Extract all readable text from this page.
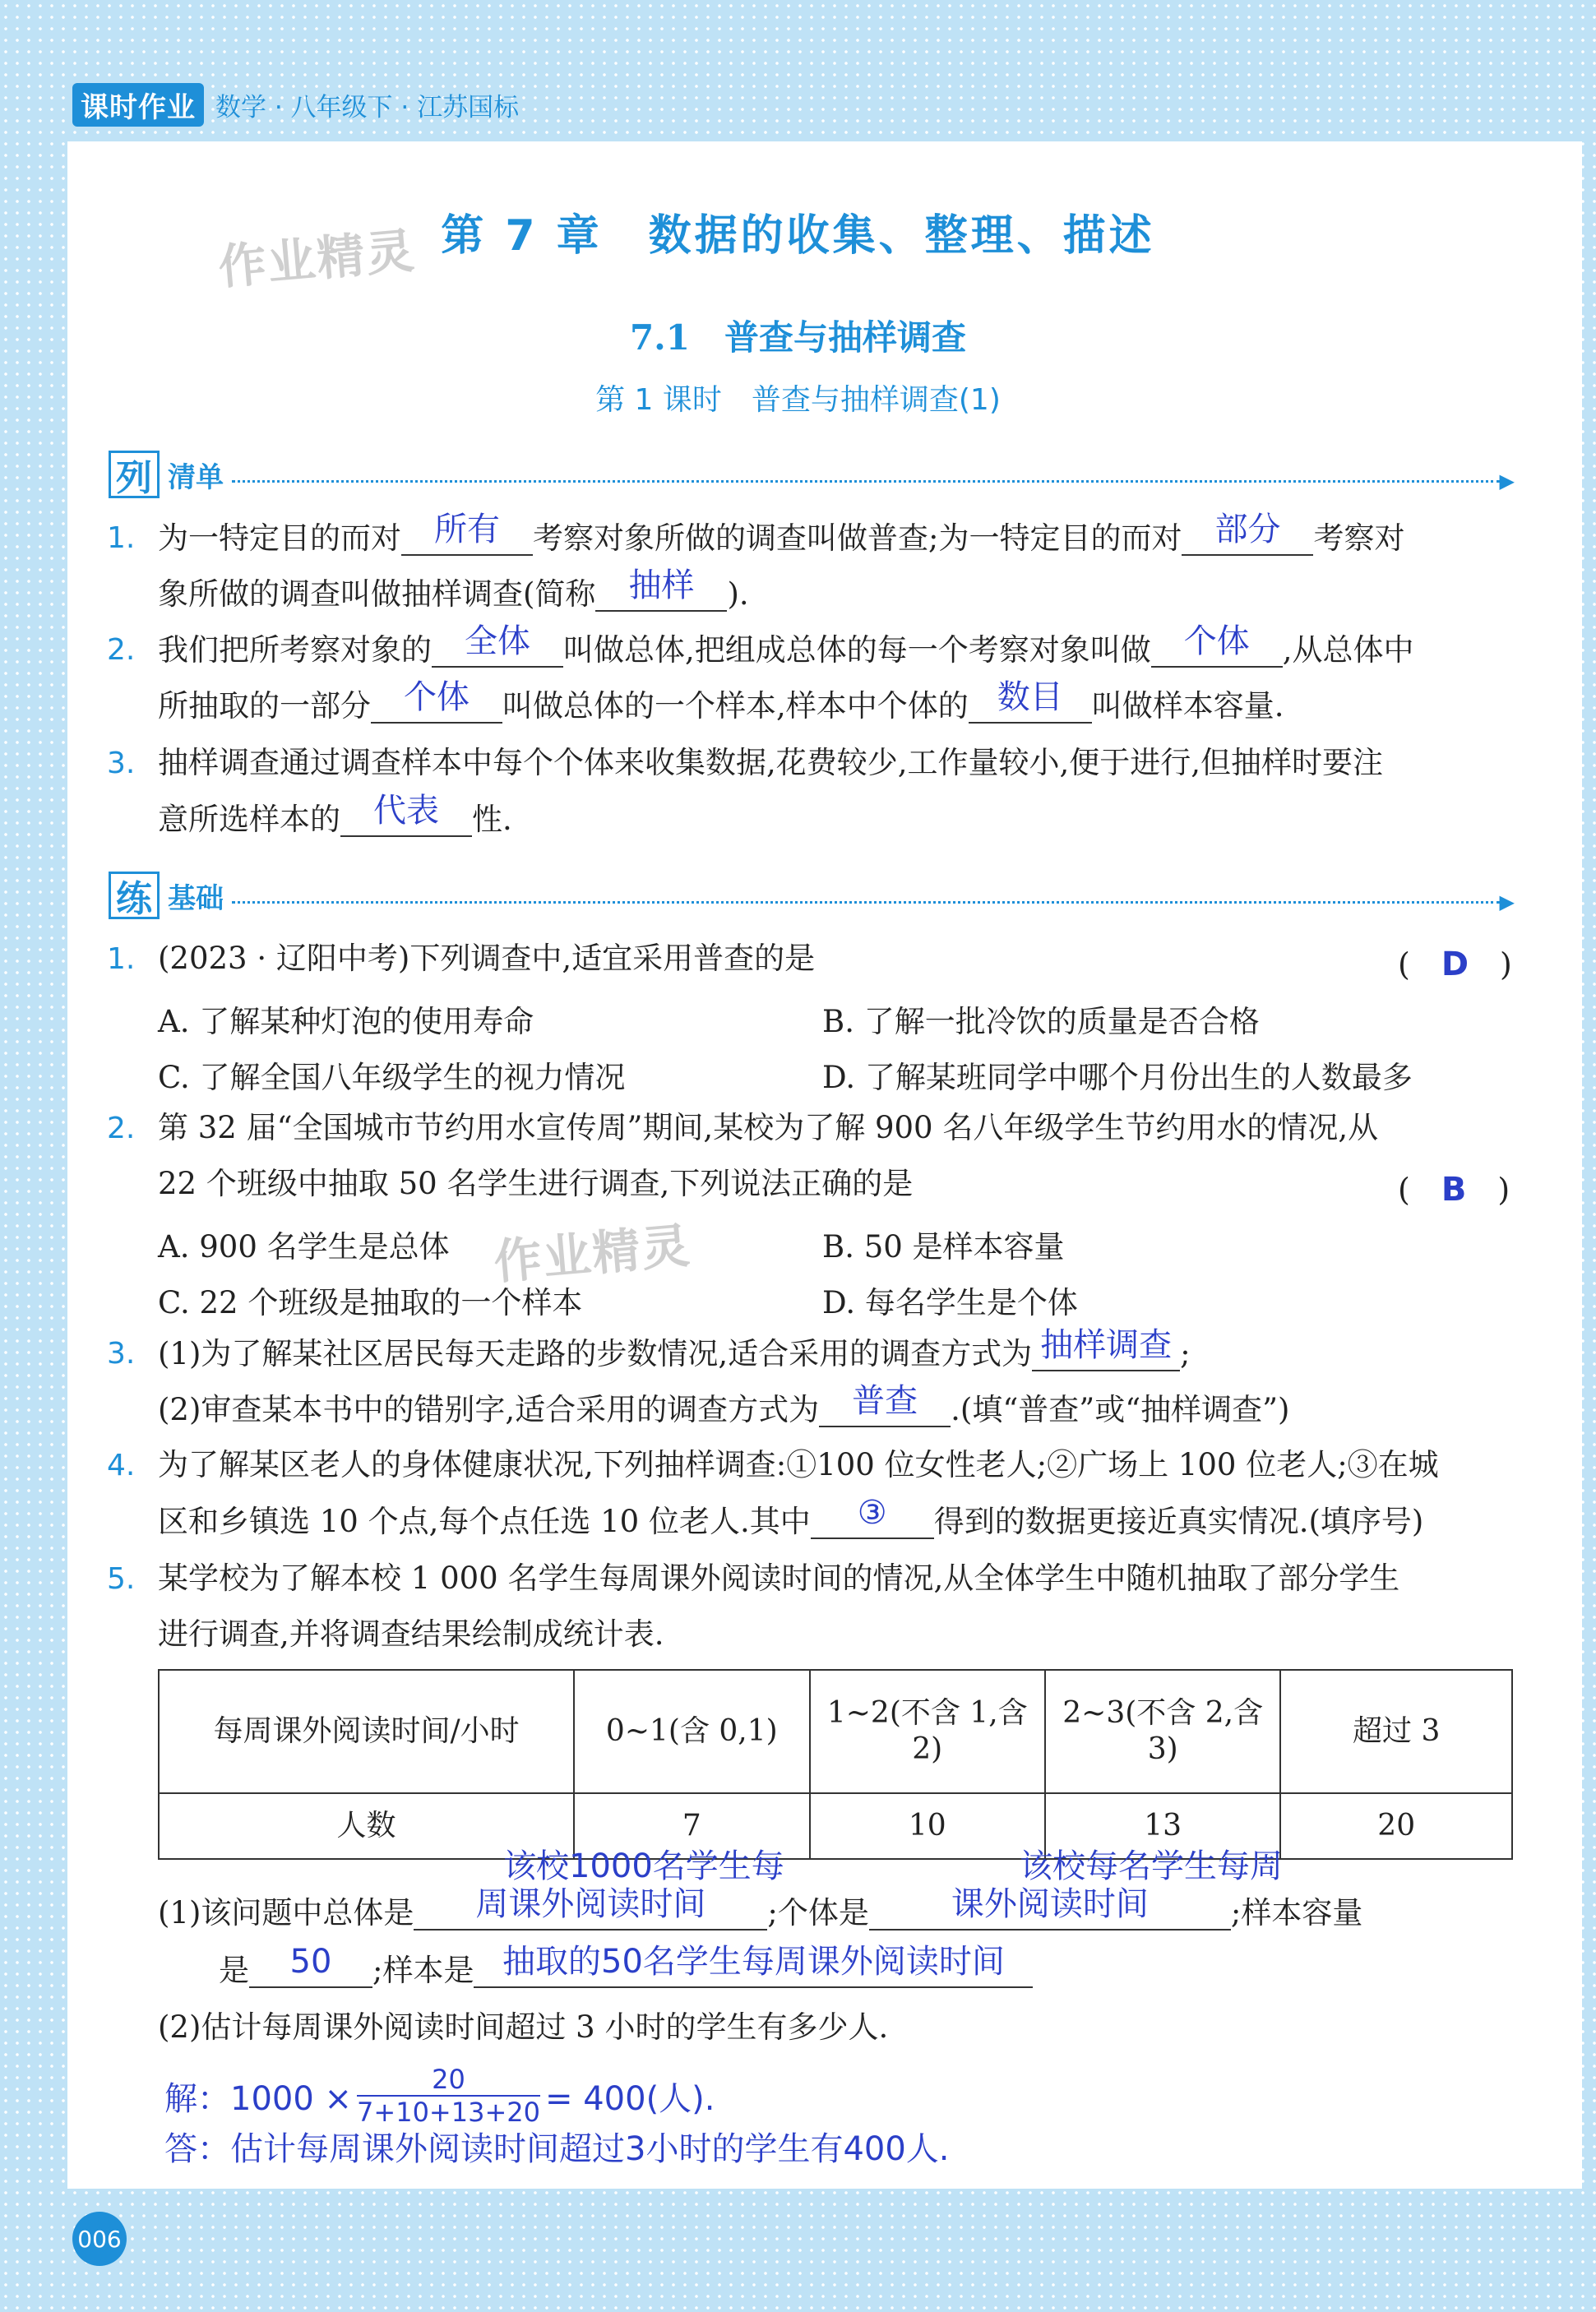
课时作业 数学 · 八年级下 · 江苏国标
作业精灵
作业精灵
第 7 章　数据的收集、整理、描述
7.1　普查与抽样调查
第 1 课时　普查与抽样调查(1)
列 清单	▶
1. 为一特定目的而对 所有 考察对象所做的调查叫做普查;为一特定目的而对 部分 考察对
象所做的调查叫做抽样调查(简称 抽样 ).
2. 我们把所考察对象的 全体 叫做总体,把组成总体的每一个考察对象叫做 个体 ,从总体中
所抽取的一部分 个体 叫做总体的一个样本,样本中个体的 数目 叫做样本容量.
3. 抽样调查通过调查样本中每个个体来收集数据,花费较少,工作量较小,便于进行,但抽样时要注
意所选样本的 代表 性.
练 基础	▶
1. (2023 · 辽阳中考)下列调查中,适宜采用普查的是	(　D　)
A. 了解某种灯泡的使用寿命	B. 了解一批冷饮的质量是否合格
C. 了解全国八年级学生的视力情况	D. 了解某班同学中哪个月份出生的人数最多
2. 第 32 届“全国城市节约用水宣传周”期间,某校为了解 900 名八年级学生节约用水的情况,从
22 个班级中抽取 50 名学生进行调查,下列说法正确的是	(　B　)
A. 900 名学生是总体	B. 50 是样本容量
C. 22 个班级是抽取的一个样本	D. 每名学生是个体
3. (1)为了解某社区居民每天走路的步数情况,适合采用的调查方式为 抽样调查 ;
(2)审查某本书中的错别字,适合采用的调查方式为 普查 .(填“普查”或“抽样调查”)
4. 为了解某区老人的身体健康状况,下列抽样调查:①100 位女性老人;②广场上 100 位老人;③在城
区和乡镇选 10 个点,每个点任选 10 位老人.其中 ③ 得到的数据更接近真实情况.(填序号)
5. 某学校为了解本校 1 000 名学生每周课外阅读时间的情况,从全体学生中随机抽取了部分学生
进行调查,并将调查结果绘制成统计表.
每周课外阅读时间/小时	0~1(含 0,1)	1~2(不含 1,含 2)	2~3(不含 2,含 3)	超过 3
人数	7	10	13	20
该校1000名学生每	该校每名学生每周
(1)该问题中总体是 周课外阅读时间 ;个体是	课外阅读时间	;样本容量
是 50 ;样本是 抽取的50名学生每周课外阅读时间
(2)估计每周课外阅读时间超过 3 小时的学生有多少人.
解：$1000 \times \frac{20}{7+10+13+20} = 400$(人).
答：估计每周课外阅读时间超过3小时的学生有400人.
006
